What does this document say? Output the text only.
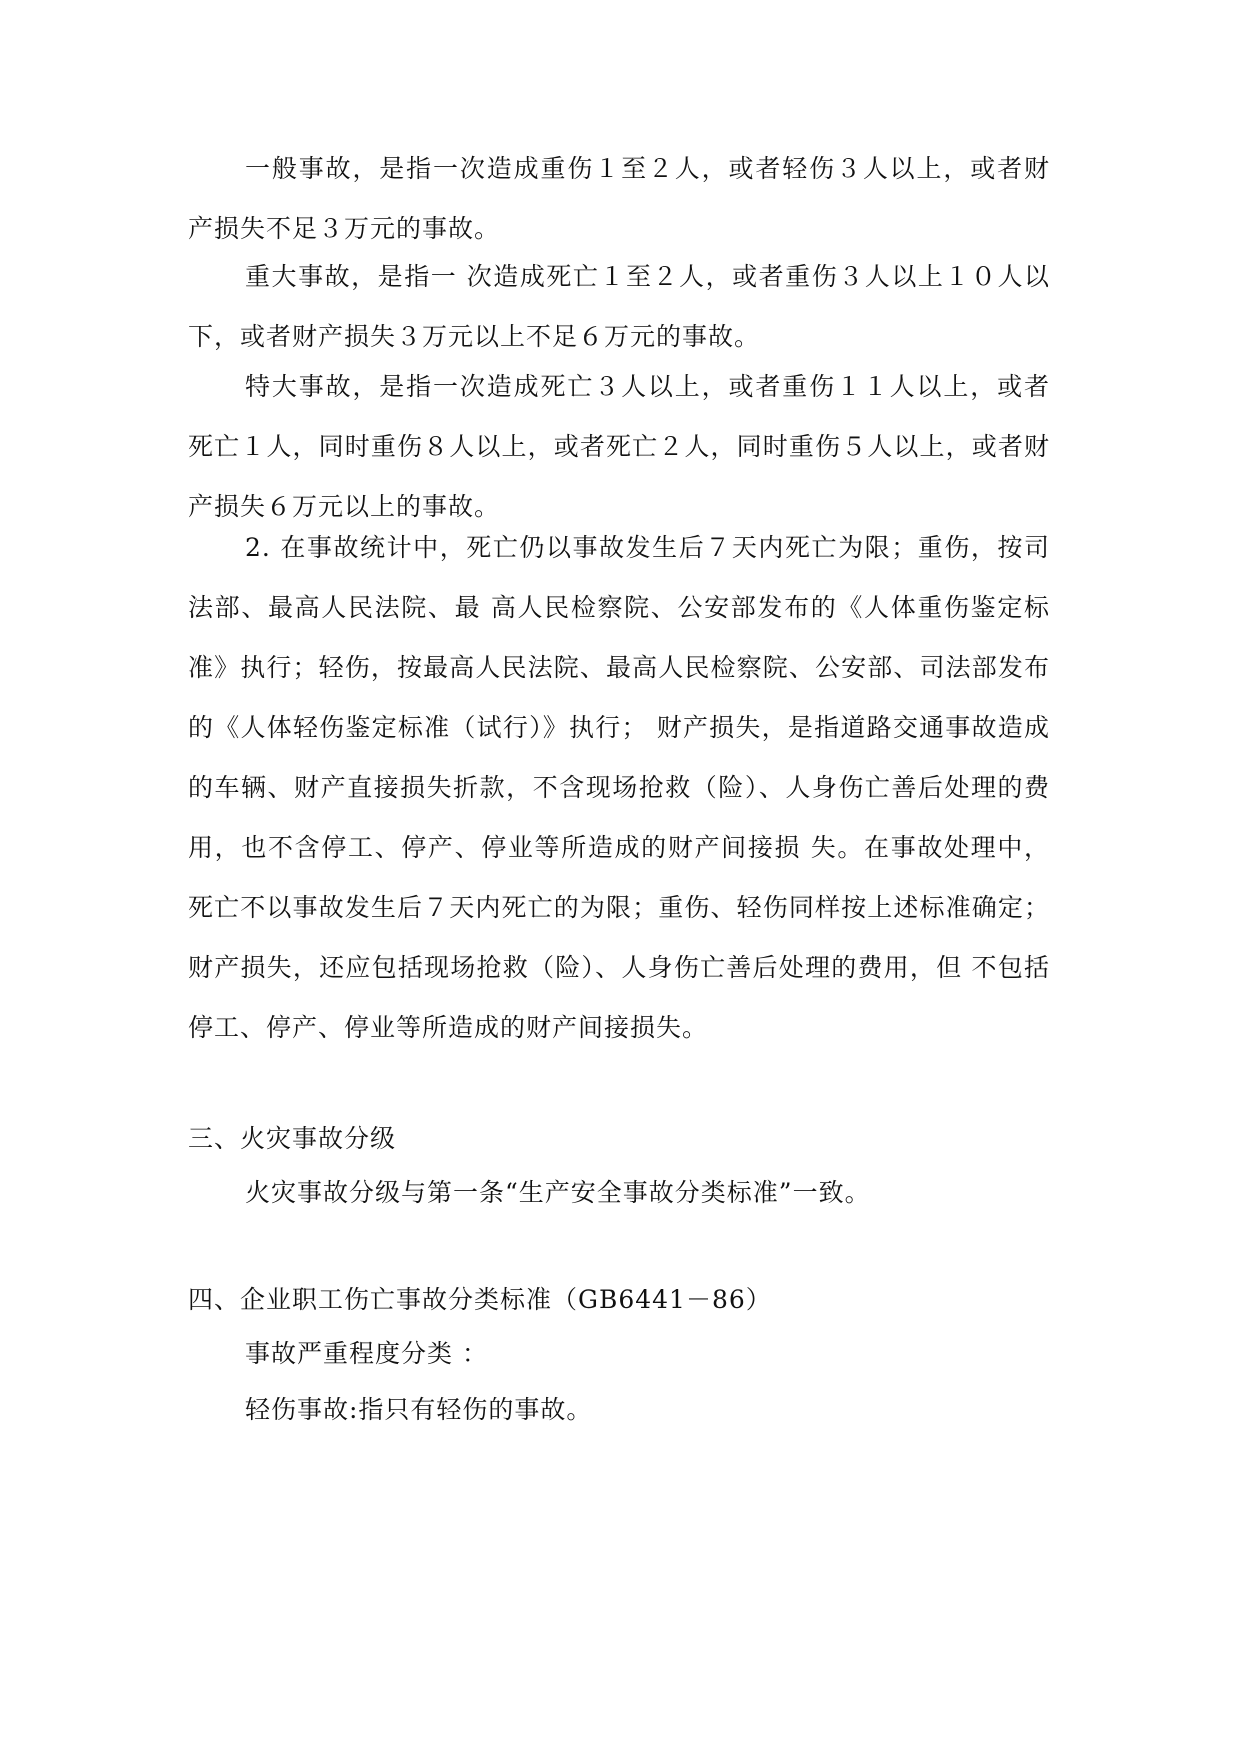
一般事故，是指一次造成重伤１至２人，或者轻伤３人以上，或者财产损失不足３万元的事故。

重大事故，是指一 次造成死亡１至２人，或者重伤３人以上１０人以下，或者财产损失３万元以上不足６万元的事故。

特大事故，是指一次造成死亡３人以上，或者重伤１１人以上，或者死亡１人，同时重伤８人以上，或者死亡２人，同时重伤５人以上，或者财产损失６万元以上的事故。

2. 在事故统计中，死亡仍以事故发生后７天内死亡为限；重伤，按司法部、最高人民法院、最 高人民检察院、公安部发布的《人体重伤鉴定标准》执行；轻伤，按最高人民法院、最高人民检察院、公安部、司法部发布的《人体轻伤鉴定标准（试行）》执行； 财产损失，是指道路交通事故造成的车辆、财产直接损失折款，不含现场抢救（险）、人身伤亡善后处理的费用，也不含停工、停产、停业等所造成的财产间接损 失。在事故处理中，死亡不以事故发生后７天内死亡的为限；重伤、轻伤同样按上述标准确定；财产损失，还应包括现场抢救（险）、人身伤亡善后处理的费用，但 不包括停工、停产、停业等所造成的财产间接损失。

三、火灾事故分级

火灾事故分级与第一条“生产安全事故分类标准”一致。

四、企业职工伤亡事故分类标准（GB6441－86）

事故严重程度分类 ：

轻伤事故:指只有轻伤的事故。
